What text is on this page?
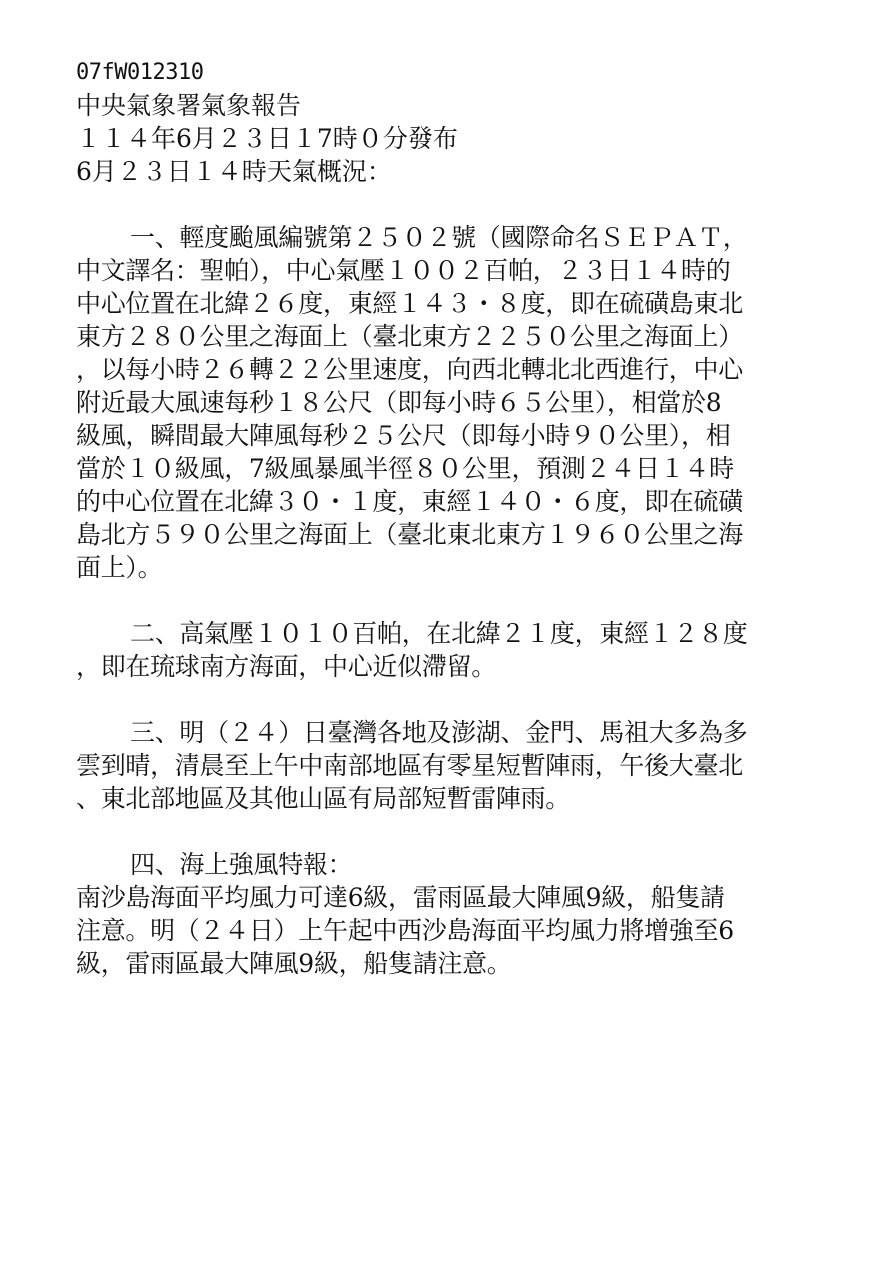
07fW012310
中央氣象署氣象報告
１１４年6月２３日１7時０分發布
6月２３日１４時天氣概況：
一、輕度颱風編號第２５０２號（國際命名ＳＥＰＡＴ，
中文譯名：聖帕），中心氣壓１００２百帕，２３日１４時的
中心位置在北緯２６度，東經１４３・８度，即在硫磺島東北
東方２８０公里之海面上（臺北東方２２５０公里之海面上）
，以每小時２６轉２２公里速度，向西北轉北北西進行，中心
附近最大風速每秒１８公尺（即每小時６５公里），相當於8
級風，瞬間最大陣風每秒２５公尺（即每小時９０公里），相
當於１０級風，7級風暴風半徑８０公里，預測２４日１４時
的中心位置在北緯３０・１度，東經１４０・６度，即在硫磺
島北方５９０公里之海面上（臺北東北東方１９６０公里之海
面上）。
二、高氣壓１０１０百帕，在北緯２１度，東經１２８度
，即在琉球南方海面，中心近似滯留。
三、明（２４）日臺灣各地及澎湖、金門、馬祖大多為多
雲到晴，清晨至上午中南部地區有零星短暫陣雨，午後大臺北
、東北部地區及其他山區有局部短暫雷陣雨。
四、海上強風特報：
南沙島海面平均風力可達6級，雷雨區最大陣風9級，船隻請
注意。明（２４日）上午起中西沙島海面平均風力將增強至6
級，雷雨區最大陣風9級，船隻請注意。
